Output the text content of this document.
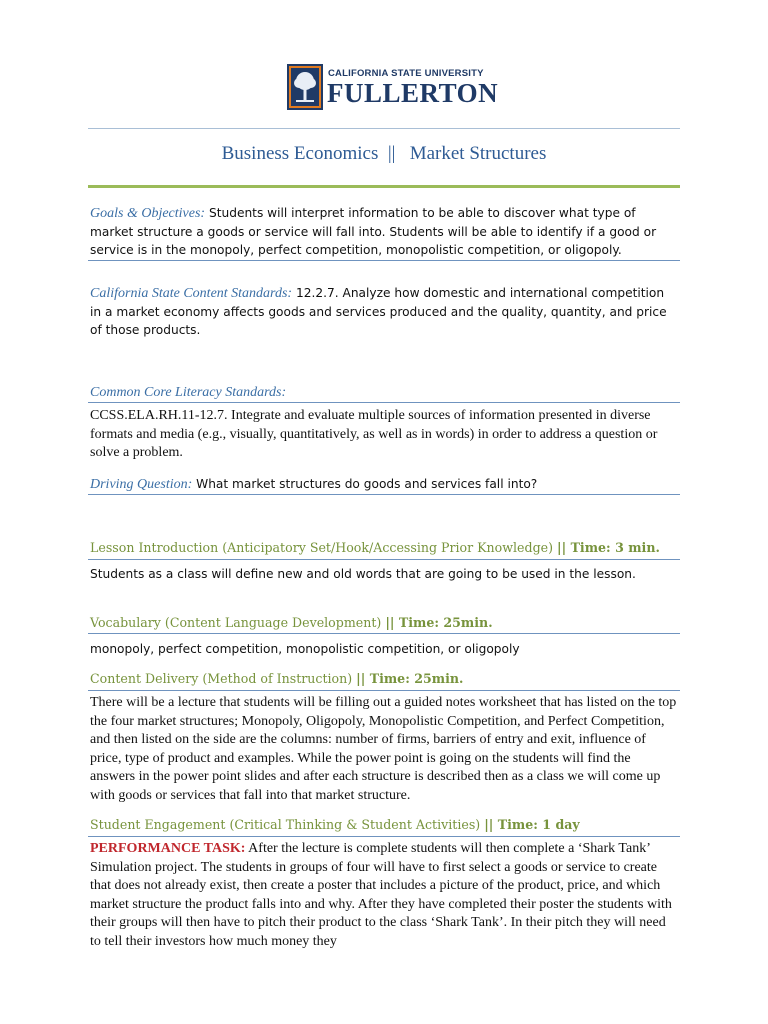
CALIFORNIA STATE UNIVERSITY
FULLERTON
Business Economics  ||   Market Structures
Goals & Objectives: Students will interpret information to be able to discover what type of market structure a goods or service will fall into. Students will be able to identify if a good or service is in the monopoly, perfect competition, monopolistic competition, or oligopoly.
California State Content Standards: 12.2.7. Analyze how domestic and international competition in a market economy affects goods and services produced and the quality, quantity, and price of those products.
Common Core Literacy Standards:
CCSS.ELA.RH.11-12.7. Integrate and evaluate multiple sources of information presented in diverse formats and media (e.g., visually, quantitatively, as well as in words) in order to address a question or solve a problem.
Driving Question: What market structures do goods and services fall into?
Lesson Introduction (Anticipatory Set/Hook/Accessing Prior Knowledge) || Time: 3 min.
Students as a class will define new and old words that are going to be used in the lesson.
Vocabulary (Content Language Development) || Time: 25min.
monopoly, perfect competition, monopolistic competition, or oligopoly
Content Delivery (Method of Instruction) || Time: 25min.
There will be a lecture that students will be filling out a guided notes worksheet that has listed on the top the four market structures; Monopoly, Oligopoly, Monopolistic Competition, and Perfect Competition, and then listed on the side are the columns: number of firms, barriers of entry and exit, influence of price, type of product and examples. While the power point is going on the students will find the answers in the power point slides and after each structure is described then as a class we will come up with goods or services that fall into that market structure.
Student Engagement (Critical Thinking & Student Activities) || Time: 1 day
PERFORMANCE TASK: After the lecture is complete students will then complete a ‘Shark Tank’ Simulation project. The students in groups of four will have to first select a goods or service to create that does not already exist, then create a poster that includes a picture of the product, price, and which market structure the product falls into and why. After they have completed their poster the students with their groups will then have to pitch their product to the class ‘Shark Tank’. In their pitch they will need to tell their investors how much money they
